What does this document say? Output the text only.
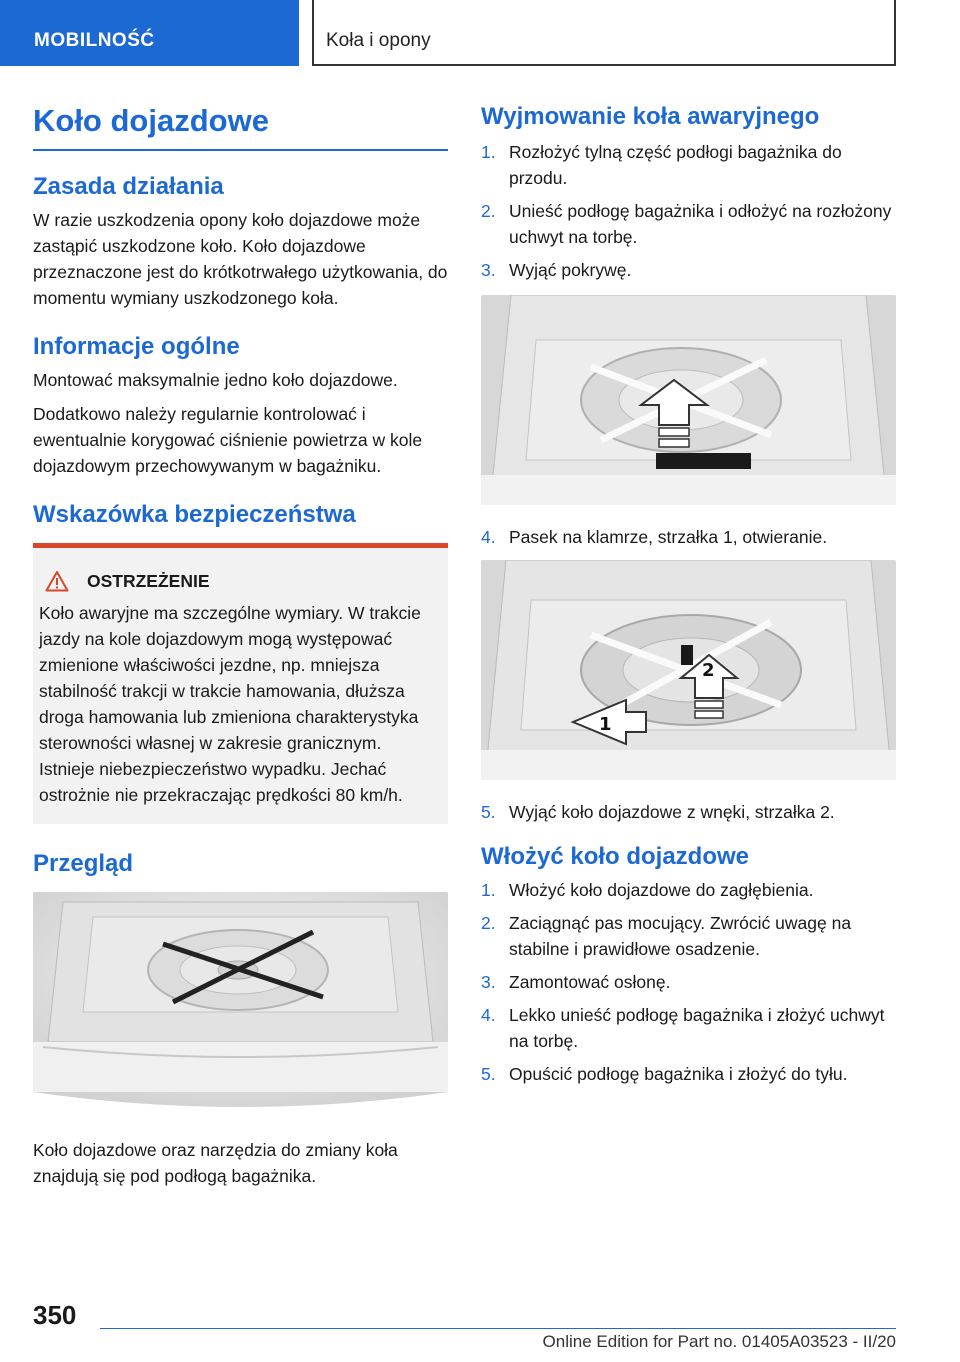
MOBILNOŚĆ	Koła i opony
Koło dojazdowe
Zasada działania

W razie uszkodzenia opony koło dojazdowe może zastąpić uszkodzone koło. Koło dojazdowe przeznaczone jest do krótkotrwałego użytkowania, do momentu wymiany uszkodzonego koła.

Informacje ogólne

Montować maksymalnie jedno koło dojazdowe.

Dodatkowo należy regularnie kontrolować i ewentualnie korygować ciśnienie powietrza w kole dojazdowym przechowywanym w bagażniku.

Wskazówka bezpieczeństwa
OSTRZEŻENIE

Koło awaryjne ma szczególne wymiary. W trakcie jazdy na kole dojazdowym mogą występować zmienione właściwości jezdne, np. mniejsza stabilność trakcji w trakcie hamowania, dłuższa droga hamowania lub zmieniona charakterystyka sterowności własnej w zakresie granicznym. Istnieje niebezpieczeństwo wypadku. Jechać ostrożnie nie przekraczając prędkości 80 km/h.

Przegląd

Koło dojazdowe oraz narzędzia do zmiany koła znajdują się pod podłogą bagażnika.

Wyjmowanie koła awaryjnego
1. Rozłożyć tylną część podłogi bagażnika do przodu.
2. Unieść podłogę bagażnika i odłożyć na rozłożony uchwyt na torbę.
3. Wyjąć pokrywę.
4. Pasek na klamrze, strzałka 1, otwieranie.
1
2
5. Wyjąć koło dojazdowe z wnęki, strzałka 2.
Włożyć koło dojazdowe
1. Włożyć koło dojazdowe do zagłębienia.
2. Zaciągnąć pas mocujący. Zwrócić uwagę na stabilne i prawidłowe osadzenie.
3. Zamontować osłonę.
4. Lekko unieść podłogę bagażnika i złożyć uchwyt na torbę.
5. Opuścić podłogę bagażnika i złożyć do tyłu.
350
Online Edition for Part no. 01405A03523 - II/20
